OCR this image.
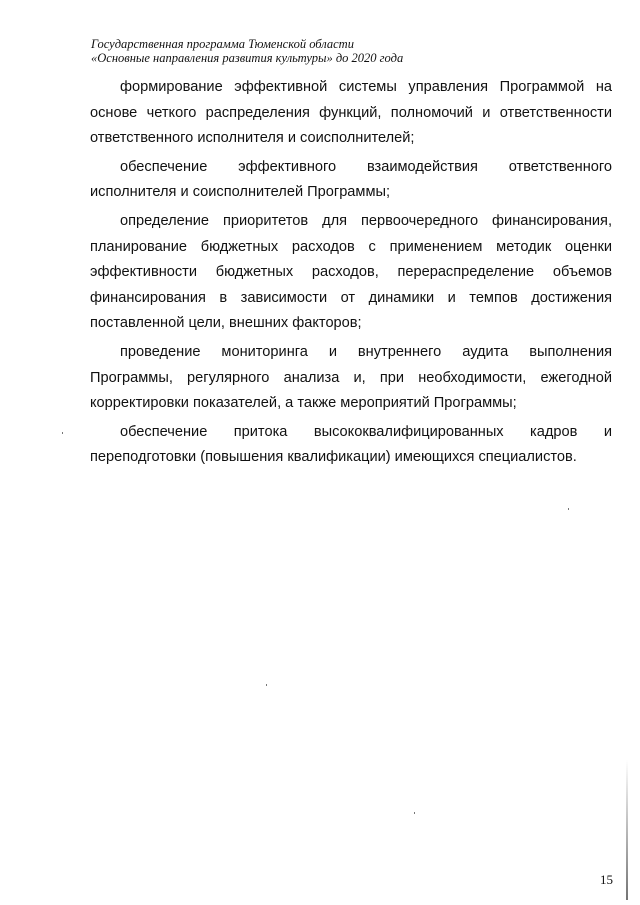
Государственная программа Тюменской области
«Основные направления развития культуры» до 2020 года

формирование эффективной системы управления Программой на основе четкого распределения функций, полномочий и ответственности ответственного исполнителя и соисполнителей;

обеспечение эффективного взаимодействия ответственного исполнителя и соисполнителей Программы;

определение приоритетов для первоочередного финансирования, планирование бюджетных расходов с применением методик оценки эффективности бюджетных расходов, перераспределение объемов финансирования в зависимости от динамики и темпов достижения поставленной цели, внешних факторов;

проведение мониторинга и внутреннего аудита выполнения Программы, регулярного анализа и, при необходимости, ежегодной корректировки показателей, а также мероприятий Программы;

обеспечение притока высококвалифицированных кадров и переподготовки (повышения квалификации) имеющихся специалистов.

15
